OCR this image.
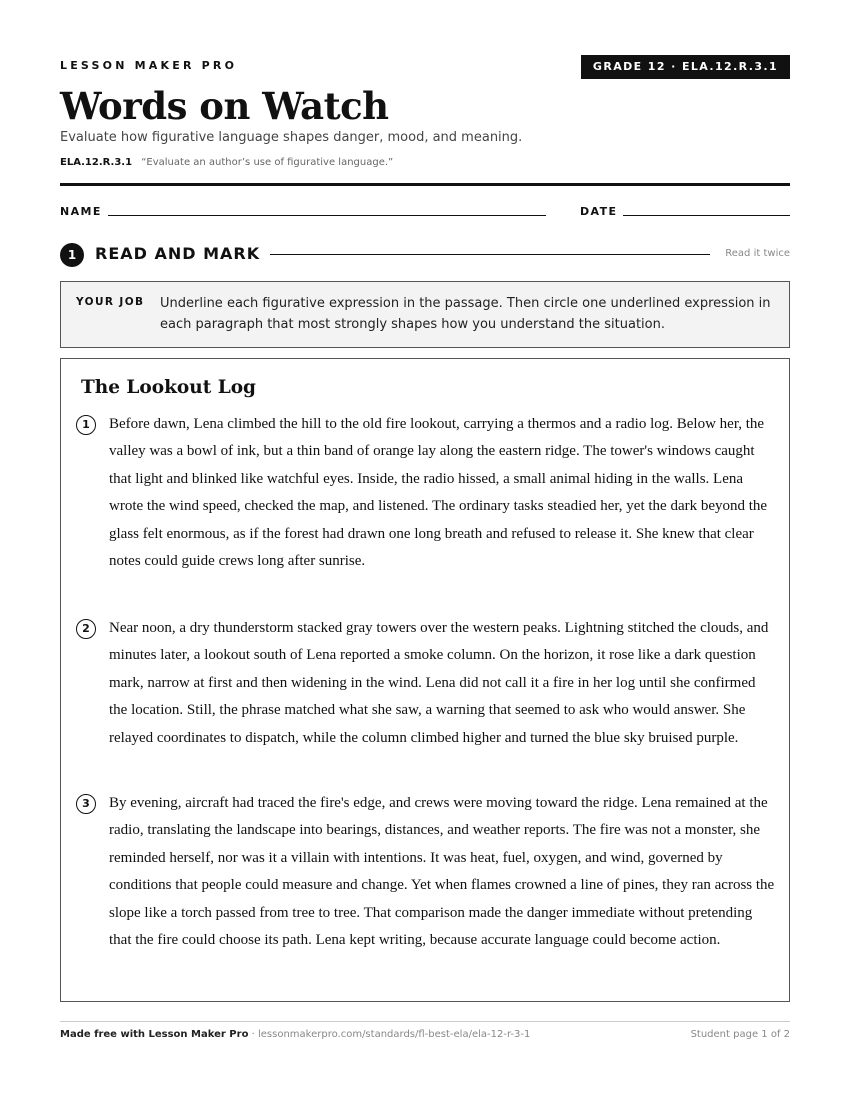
LESSON MAKER PRO	GRADE 12 · ELA.12.R.3.1
Words on Watch
Evaluate how figurative language shapes danger, mood, and meaning.
ELA.12.R.3.1 “Evaluate an author’s use of figurative language.”
NAME	DATE
1	READ AND MARK	Read it twice
YOUR JOB Underline each figurative expression in the passage. Then circle one underlined expression in each paragraph that most strongly shapes how you understand the situation.
The Lookout Log
1	Before dawn, Lena climbed the hill to the old fire lookout, carrying a thermos and a radio log. Below her, the valley was a bowl of ink, but a thin band of orange lay along the eastern ridge. The tower's windows caught that light and blinked like watchful eyes. Inside, the radio hissed, a small animal hiding in the walls. Lena wrote the wind speed, checked the map, and listened. The ordinary tasks steadied her, yet the dark beyond the glass felt enormous, as if the forest had drawn one long breath and refused to release it. She knew that clear notes could guide crews long after sunrise.
2	Near noon, a dry thunderstorm stacked gray towers over the western peaks. Lightning stitched the clouds, and minutes later, a lookout south of Lena reported a smoke column. On the horizon, it rose like a dark question mark, narrow at first and then widening in the wind. Lena did not call it a fire in her log until she confirmed the location. Still, the phrase matched what she saw, a warning that seemed to ask who would answer. She relayed coordinates to dispatch, while the column climbed higher and turned the blue sky bruised purple.
3	By evening, aircraft had traced the fire's edge, and crews were moving toward the ridge. Lena remained at the radio, translating the landscape into bearings, distances, and weather reports. The fire was not a monster, she reminded herself, nor was it a villain with intentions. It was heat, fuel, oxygen, and wind, governed by conditions that people could measure and change. Yet when flames crowned a line of pines, they ran across the slope like a torch passed from tree to tree. That comparison made the danger immediate without pretending that the fire could choose its path. Lena kept writing, because accurate language could become action.
Made free with Lesson Maker Pro · lessonmakerpro.com/standards/fl-best-ela/ela-12-r-3-1	Student page 1 of 2
